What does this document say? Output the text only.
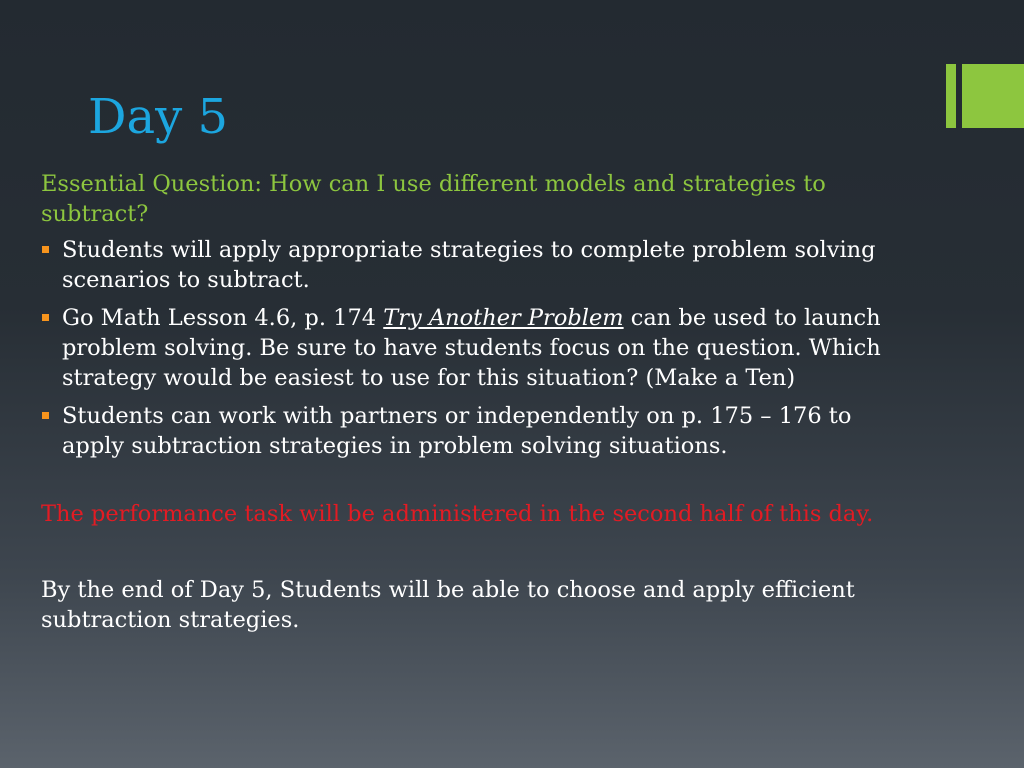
Day 5

Essential Question: How can I use different models and strategies to subtract?

Students will apply appropriate strategies to complete problem solving scenarios to subtract.
Go Math Lesson 4.6, p. 174 Try Another Problem can be used to launch problem solving. Be sure to have students focus on the question. Which strategy would be easiest to use for this situation? (Make a Ten)
Students can work with partners or independently on p. 175 – 176 to apply subtraction strategies in problem solving situations.

The performance task will be administered in the second half of this day.

By the end of Day 5, Students will be able to choose and apply efficient subtraction strategies.
